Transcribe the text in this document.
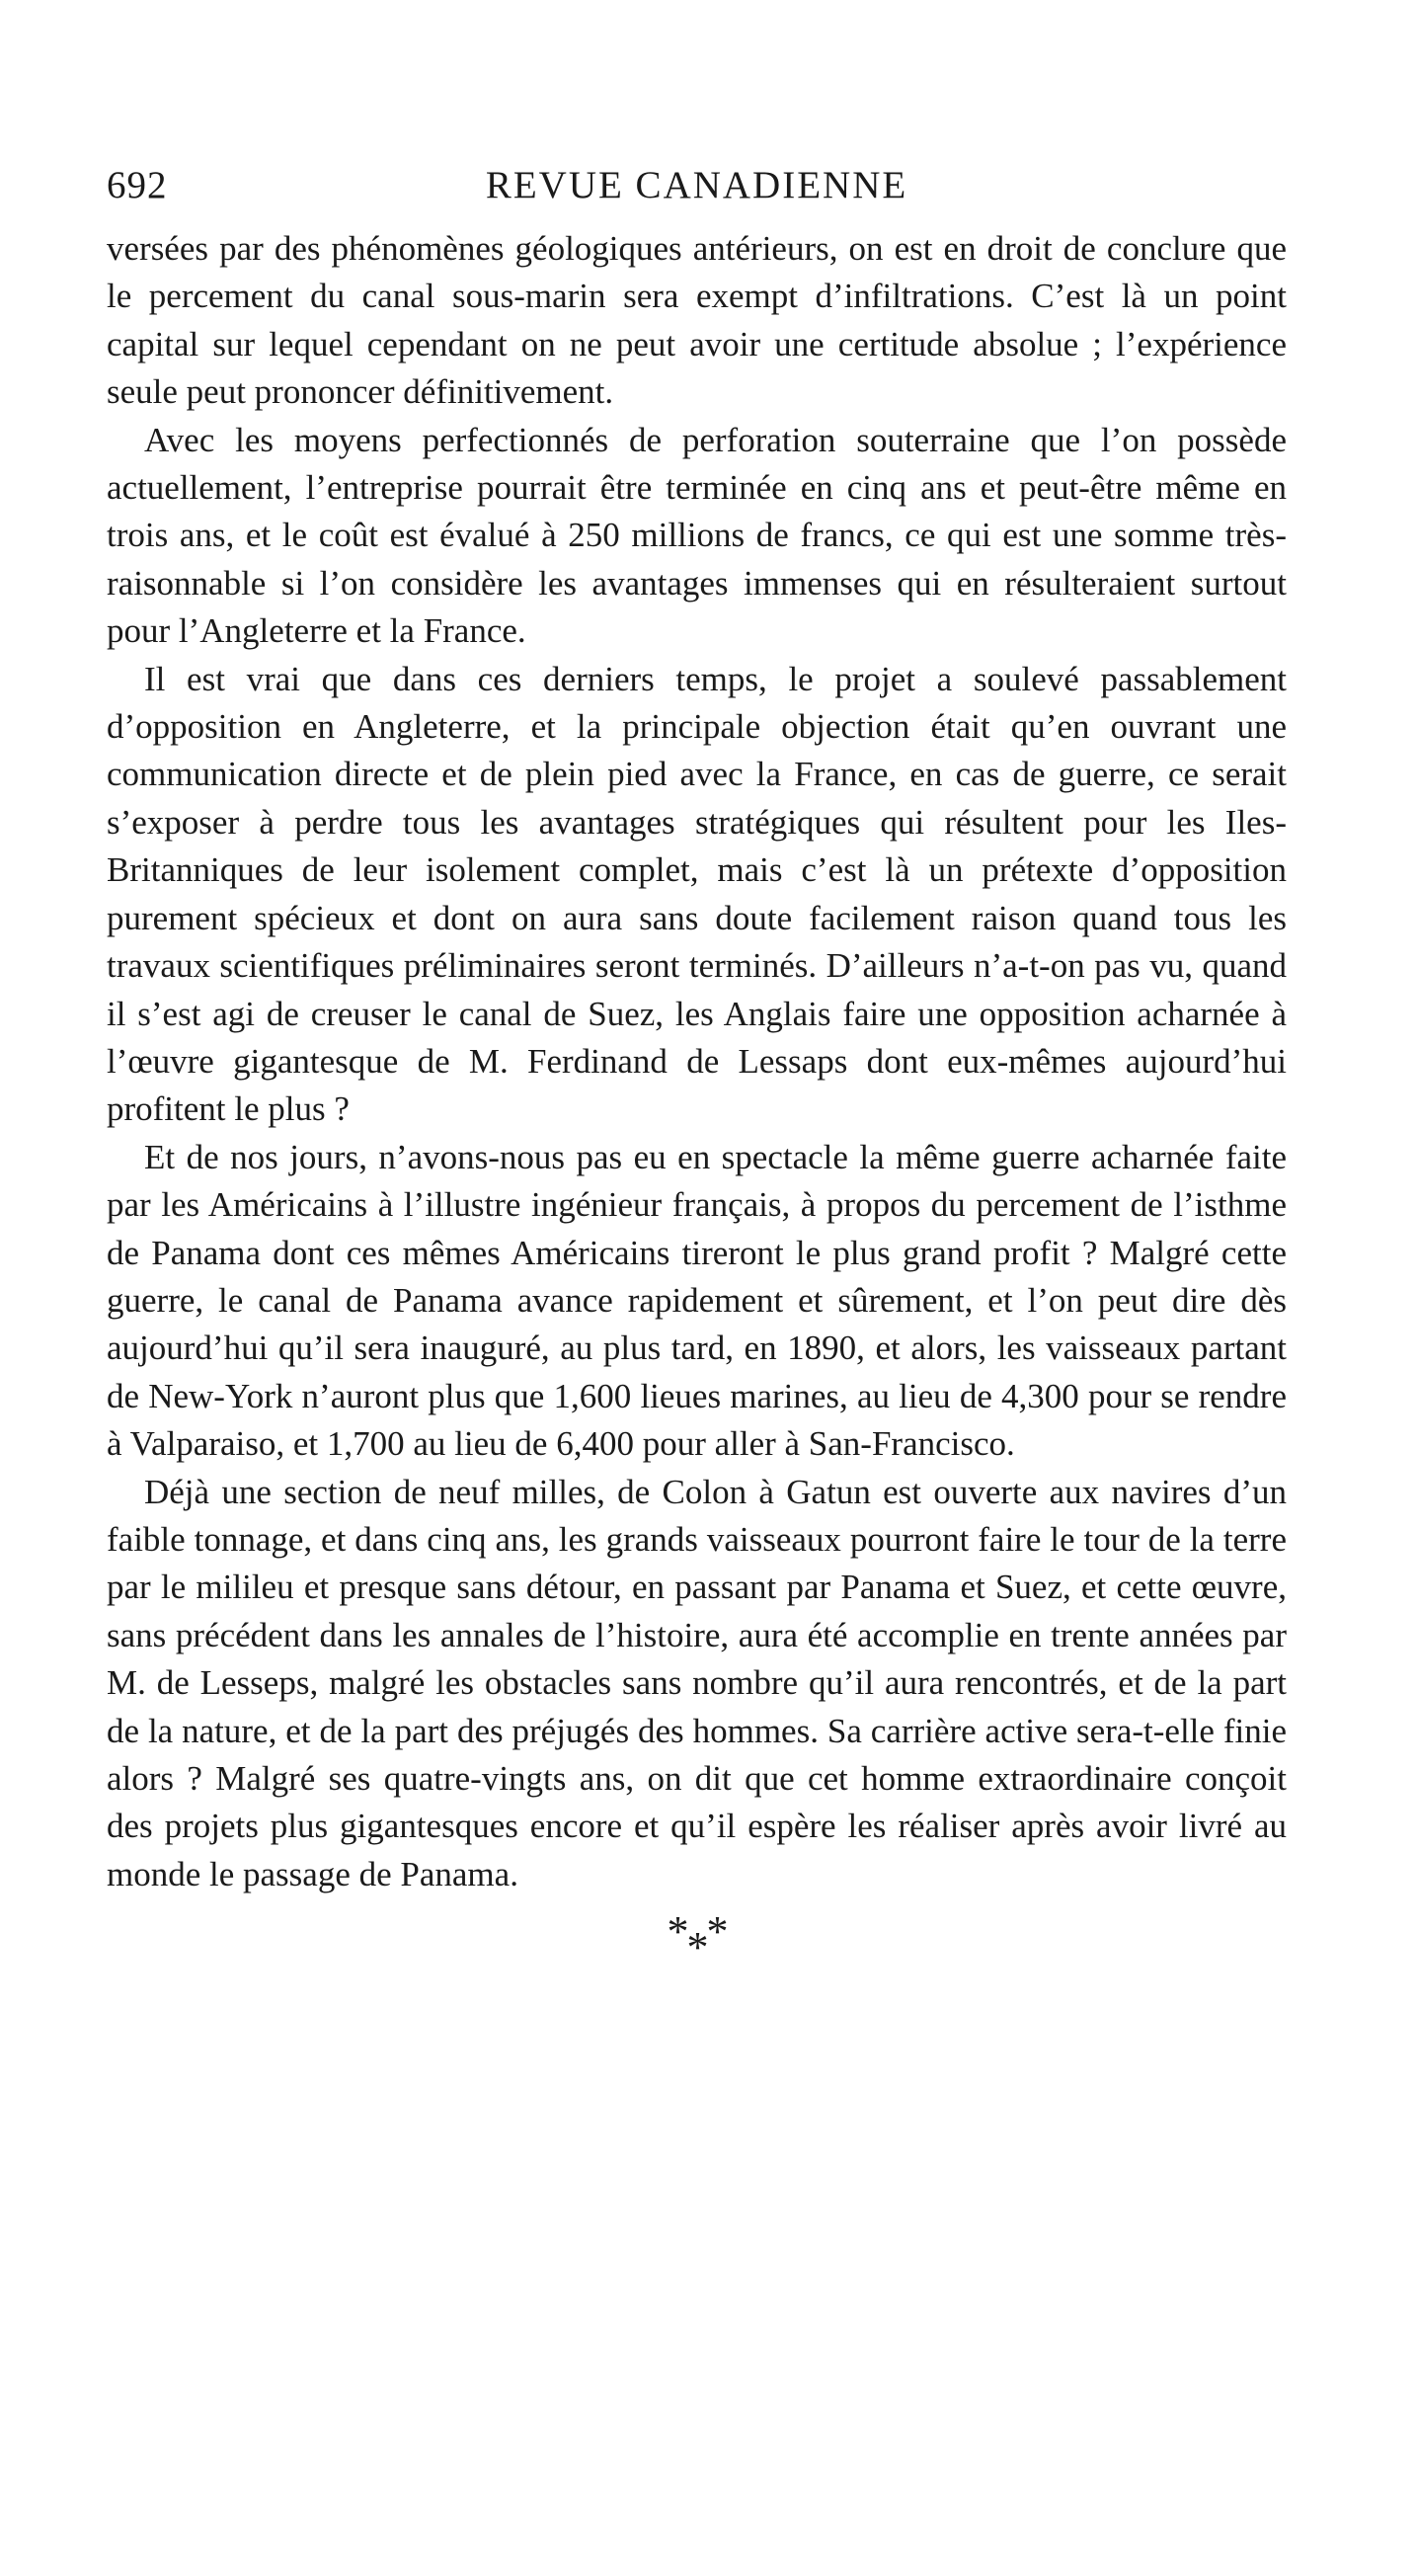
692	REVUE CANADIENNE

versées par des phénomènes géologiques antérieurs, on est en droit de conclure que le percement du canal sous-marin sera exempt d’infiltrations. C’est là un point capital sur lequel cependant on ne peut avoir une certitude absolue ; l’expérience seule peut prononcer définitivement.

Avec les moyens perfectionnés de perforation souterraine que l’on possède actuellement, l’entreprise pourrait être terminée en cinq ans et peut-être même en trois ans, et le coût est évalué à 250 millions de francs, ce qui est une somme très-raisonnable si l’on considère les avantages immenses qui en résulteraient surtout pour l’Angleterre et la France.

Il est vrai que dans ces derniers temps, le projet a soulevé passablement d’opposition en Angleterre, et la principale objection était qu’en ouvrant une communication directe et de plein pied avec la France, en cas de guerre, ce serait s’exposer à perdre tous les avantages stratégiques qui résultent pour les Iles-Britanniques de leur isolement complet, mais c’est là un prétexte d’opposition purement spécieux et dont on aura sans doute facilement raison quand tous les travaux scientifiques préliminaires seront terminés. D’ailleurs n’a-t-on pas vu, quand il s’est agi de creuser le canal de Suez, les Anglais faire une opposition acharnée à l’œuvre gigantesque de M. Ferdinand de Lessaps dont eux-mêmes aujourd’hui profitent le plus ?

Et de nos jours, n’avons-nous pas eu en spectacle la même guerre acharnée faite par les Américains à l’illustre ingénieur français, à propos du percement de l’isthme de Panama dont ces mêmes Américains tireront le plus grand profit ? Malgré cette guerre, le canal de Panama avance rapidement et sûrement, et l’on peut dire dès aujourd’hui qu’il sera inauguré, au plus tard, en 1890, et alors, les vaisseaux partant de New-York n’auront plus que 1,600 lieues marines, au lieu de 4,300 pour se rendre à Valparaiso, et 1,700 au lieu de 6,400 pour aller à San-Francisco.

Déjà une section de neuf milles, de Colon à Gatun est ouverte aux navires d’un faible tonnage, et dans cinq ans, les grands vaisseaux pourront faire le tour de la terre par le milileu et presque sans détour, en passant par Panama et Suez, et cette œuvre, sans précédent dans les annales de l’histoire, aura été accomplie en trente années par M. de Lesseps, malgré les obstacles sans nombre qu’il aura rencontrés, et de la part de la nature, et de la part des préjugés des hommes. Sa carrière active sera-t-elle finie alors ? Malgré ses quatre-vingts ans, on dit que cet homme extraordinaire conçoit des projets plus gigantesques encore et qu’il espère les réaliser après avoir livré au monde le passage de Panama.

***
